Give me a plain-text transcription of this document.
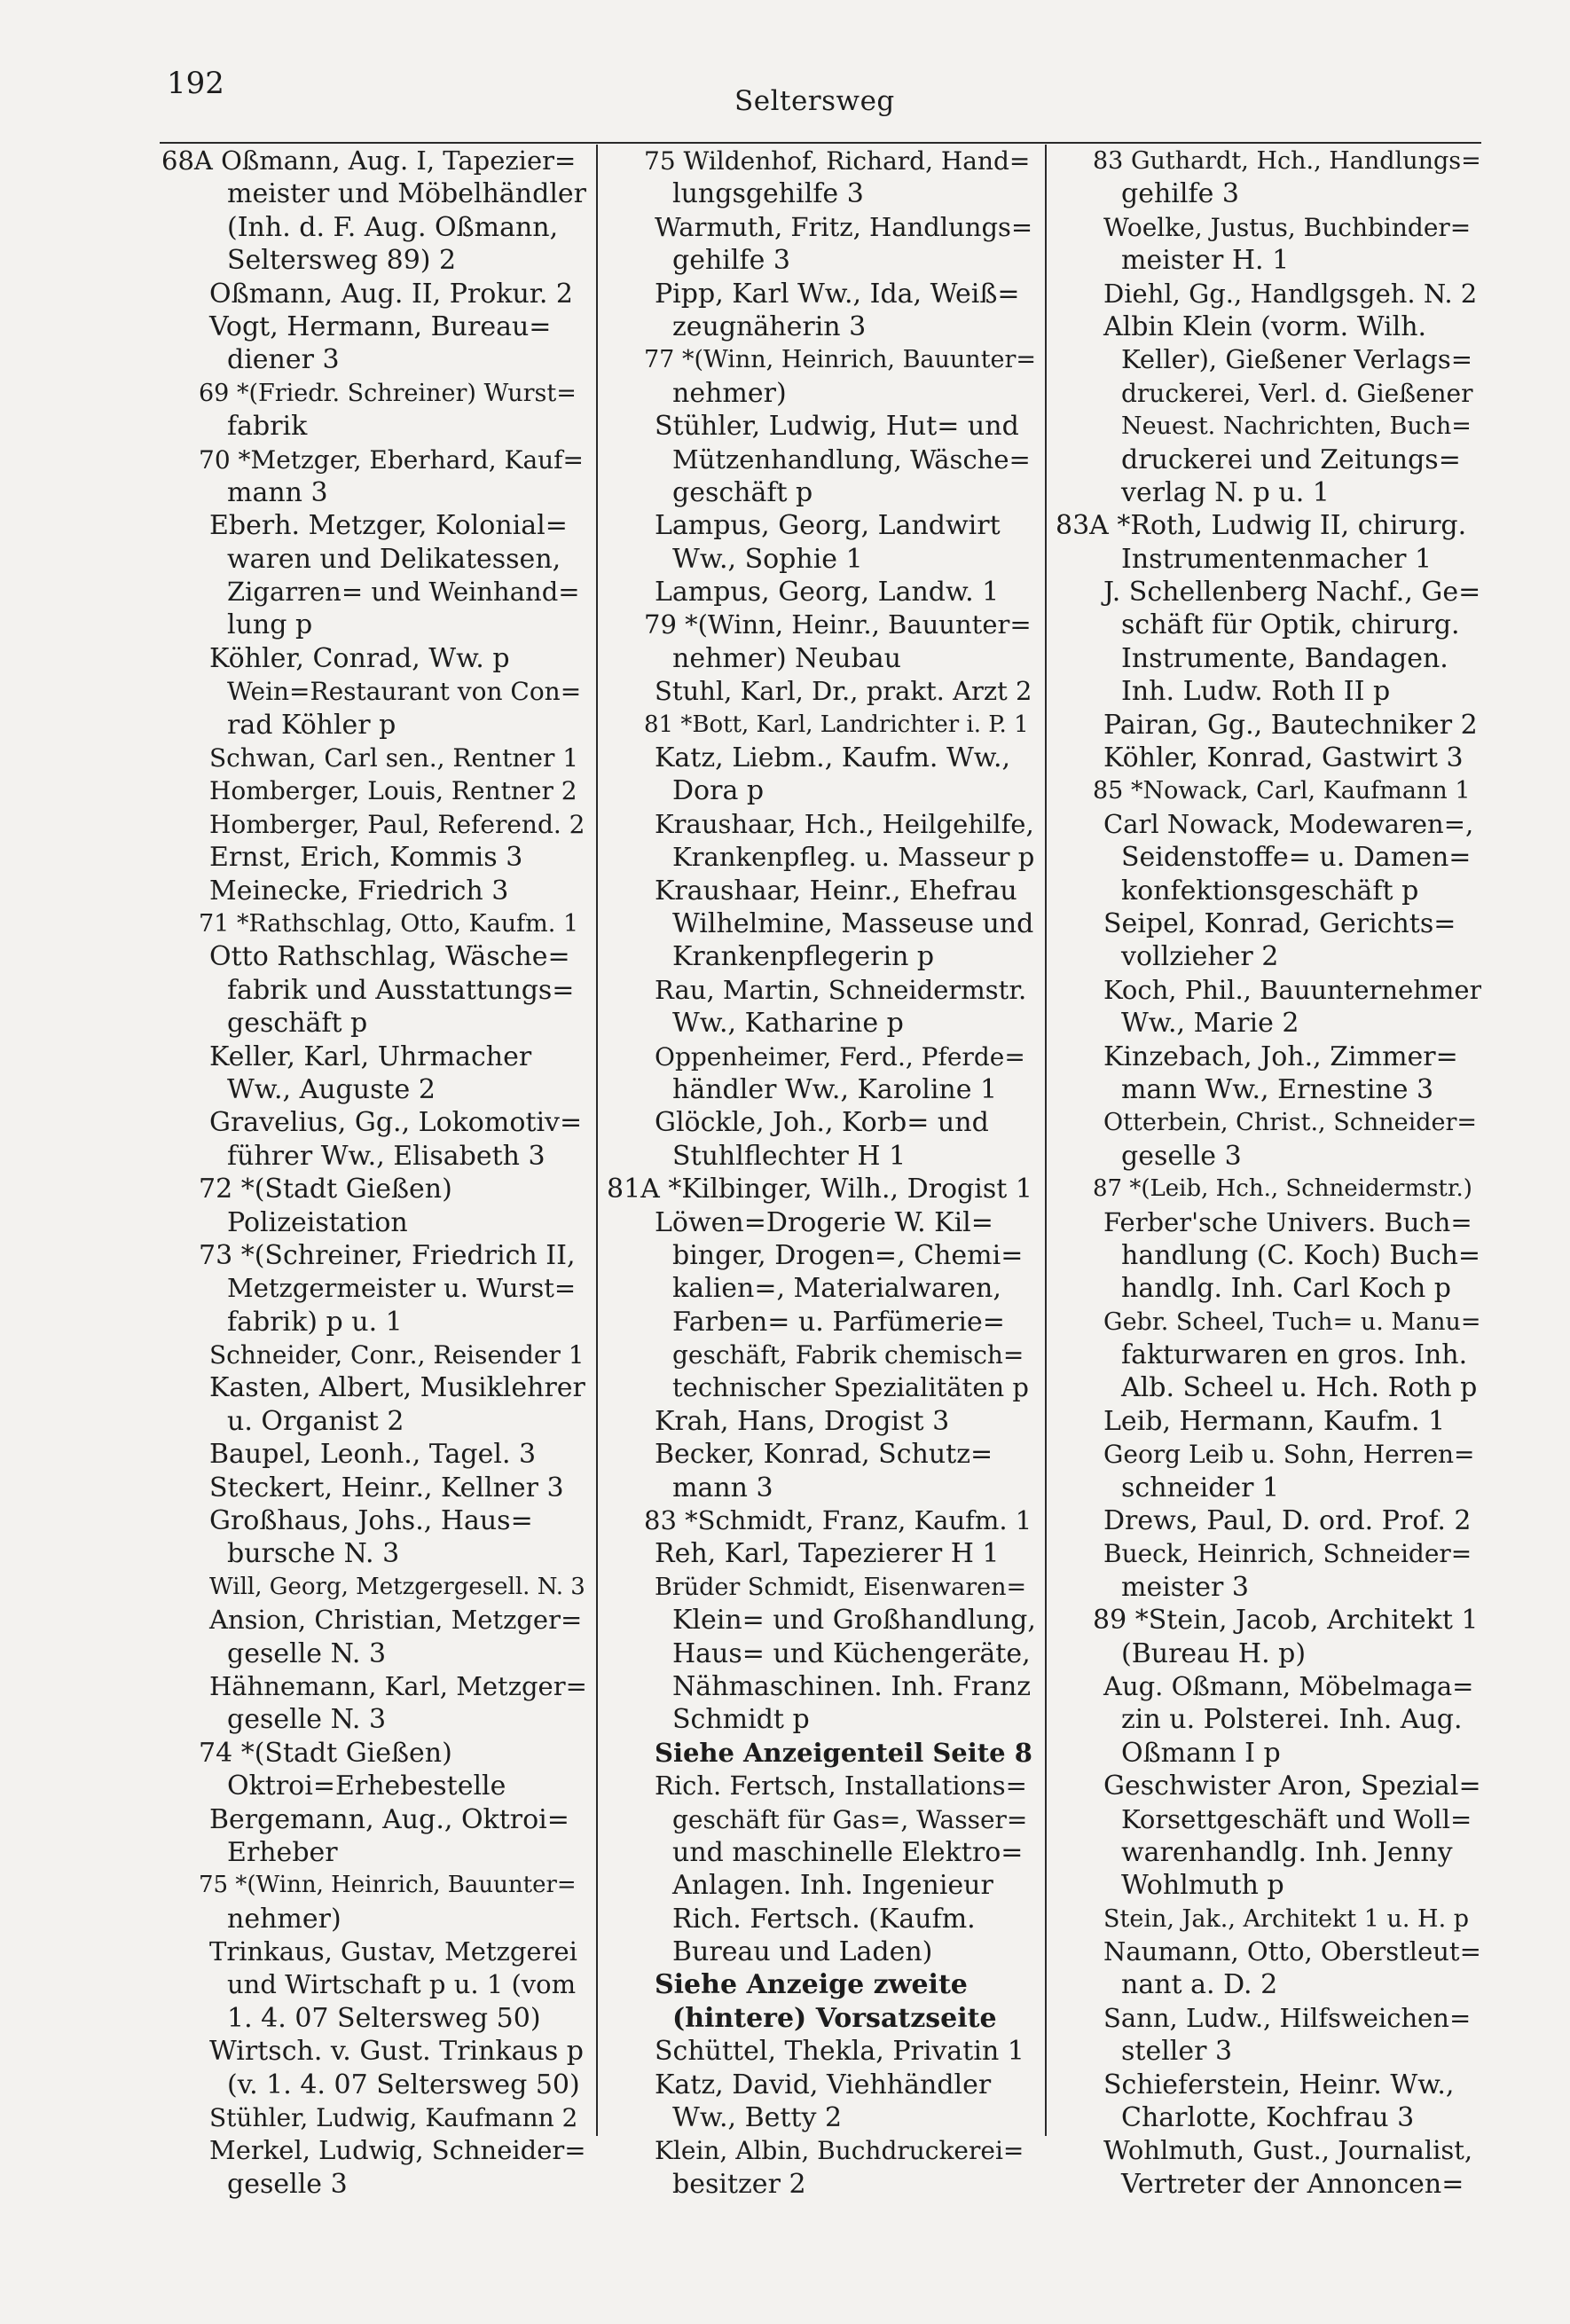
192	Seltersweg
68A Oßmann, Aug. I, Tapezier=
meister und Möbelhändler
(Inh. d. F. Aug. Oßmann,
Seltersweg 89) 2
Oßmann, Aug. II, Prokur. 2
Vogt, Hermann, Bureau=
diener 3
69 *(Friedr. Schreiner) Wurst=
fabrik
70 *Metzger, Eberhard, Kauf=
mann 3
Eberh. Metzger, Kolonial=
waren und Delikatessen,
Zigarren= und Weinhand=
lung p
Köhler, Conrad, Ww. p
Wein=Restaurant von Con=
rad Köhler p
Schwan, Carl sen., Rentner 1
Homberger, Louis, Rentner 2
Homberger, Paul, Referend. 2
Ernst, Erich, Kommis 3
Meinecke, Friedrich 3
71 *Rathschlag, Otto, Kaufm. 1
Otto Rathschlag, Wäsche=
fabrik und Ausstattungs=
geschäft p
Keller, Karl, Uhrmacher
Ww., Auguste 2
Gravelius, Gg., Lokomotiv=
führer Ww., Elisabeth 3
72 *(Stadt Gießen)
Polizeistation
73 *(Schreiner, Friedrich II,
Metzgermeister u. Wurst=
fabrik) p u. 1
Schneider, Conr., Reisender 1
Kasten, Albert, Musiklehrer
u. Organist 2
Baupel, Leonh., Tagel. 3
Steckert, Heinr., Kellner 3
Großhaus, Johs., Haus=
bursche N. 3
Will, Georg, Metzgergesell. N. 3
Ansion, Christian, Metzger=
geselle N. 3
Hähnemann, Karl, Metzger=
geselle N. 3
74 *(Stadt Gießen)
Oktroi=Erhebestelle
Bergemann, Aug., Oktroi=
Erheber
75 *(Winn, Heinrich, Bauunter=
nehmer)
Trinkaus, Gustav, Metzgerei
und Wirtschaft p u. 1 (vom
1. 4. 07 Seltersweg 50)
Wirtsch. v. Gust. Trinkaus p
(v. 1. 4. 07 Seltersweg 50)
Stühler, Ludwig, Kaufmann 2
Merkel, Ludwig, Schneider=
geselle 3
75 Wildenhof, Richard, Hand=
lungsgehilfe 3
Warmuth, Fritz, Handlungs=
gehilfe 3
Pipp, Karl Ww., Ida, Weiß=
zeugnäherin 3
77 *(Winn, Heinrich, Bauunter=
nehmer)
Stühler, Ludwig, Hut= und
Mützenhandlung, Wäsche=
geschäft p
Lampus, Georg, Landwirt
Ww., Sophie 1
Lampus, Georg, Landw. 1
79 *(Winn, Heinr., Bauunter=
nehmer) Neubau
Stuhl, Karl, Dr., prakt. Arzt 2
81 *Bott, Karl, Landrichter i. P. 1
Katz, Liebm., Kaufm. Ww.,
Dora p
Kraushaar, Hch., Heilgehilfe,
Krankenpfleg. u. Masseur p
Kraushaar, Heinr., Ehefrau
Wilhelmine, Masseuse und
Krankenpflegerin p
Rau, Martin, Schneidermstr.
Ww., Katharine p
Oppenheimer, Ferd., Pferde=
händler Ww., Karoline 1
Glöckle, Joh., Korb= und
Stuhlflechter H 1
81A *Kilbinger, Wilh., Drogist 1
Löwen=Drogerie W. Kil=
binger, Drogen=, Chemi=
kalien=, Materialwaren,
Farben= u. Parfümerie=
geschäft, Fabrik chemisch=
technischer Spezialitäten p
Krah, Hans, Drogist 3
Becker, Konrad, Schutz=
mann 3
83 *Schmidt, Franz, Kaufm. 1
Reh, Karl, Tapezierer H 1
Brüder Schmidt, Eisenwaren=
Klein= und Großhandlung,
Haus= und Küchengeräte,
Nähmaschinen. Inh. Franz
Schmidt p
Siehe Anzeigenteil Seite 8
Rich. Fertsch, Installations=
geschäft für Gas=, Wasser=
und maschinelle Elektro=
Anlagen. Inh. Ingenieur
Rich. Fertsch. (Kaufm.
Bureau und Laden)
Siehe Anzeige zweite
(hintere) Vorsatzseite
Schüttel, Thekla, Privatin 1
Katz, David, Viehhändler
Ww., Betty 2
Klein, Albin, Buchdruckerei=
besitzer 2
83 Guthardt, Hch., Handlungs=
gehilfe 3
Woelke, Justus, Buchbinder=
meister H. 1
Diehl, Gg., Handlgsgeh. N. 2
Albin Klein (vorm. Wilh.
Keller), Gießener Verlags=
druckerei, Verl. d. Gießener
Neuest. Nachrichten, Buch=
druckerei und Zeitungs=
verlag N. p u. 1
83A *Roth, Ludwig II, chirurg.
Instrumentenmacher 1
J. Schellenberg Nachf., Ge=
schäft für Optik, chirurg.
Instrumente, Bandagen.
Inh. Ludw. Roth II p
Pairan, Gg., Bautechniker 2
Köhler, Konrad, Gastwirt 3
85 *Nowack, Carl, Kaufmann 1
Carl Nowack, Modewaren=,
Seidenstoffe= u. Damen=
konfektionsgeschäft p
Seipel, Konrad, Gerichts=
vollzieher 2
Koch, Phil., Bauunternehmer
Ww., Marie 2
Kinzebach, Joh., Zimmer=
mann Ww., Ernestine 3
Otterbein, Christ., Schneider=
geselle 3
87 *(Leib, Hch., Schneidermstr.)
Ferber'sche Univers. Buch=
handlung (C. Koch) Buch=
handlg. Inh. Carl Koch p
Gebr. Scheel, Tuch= u. Manu=
fakturwaren en gros. Inh.
Alb. Scheel u. Hch. Roth p
Leib, Hermann, Kaufm. 1
Georg Leib u. Sohn, Herren=
schneider 1
Drews, Paul, D. ord. Prof. 2
Bueck, Heinrich, Schneider=
meister 3
89 *Stein, Jacob, Architekt 1
(Bureau H. p)
Aug. Oßmann, Möbelmaga=
zin u. Polsterei. Inh. Aug.
Oßmann I p
Geschwister Aron, Spezial=
Korsettgeschäft und Woll=
warenhandlg. Inh. Jenny
Wohlmuth p
Stein, Jak., Architekt 1 u. H. p
Naumann, Otto, Oberstleut=
nant a. D. 2
Sann, Ludw., Hilfsweichen=
steller 3
Schieferstein, Heinr. Ww.,
Charlotte, Kochfrau 3
Wohlmuth, Gust., Journalist,
Vertreter der Annoncen=
